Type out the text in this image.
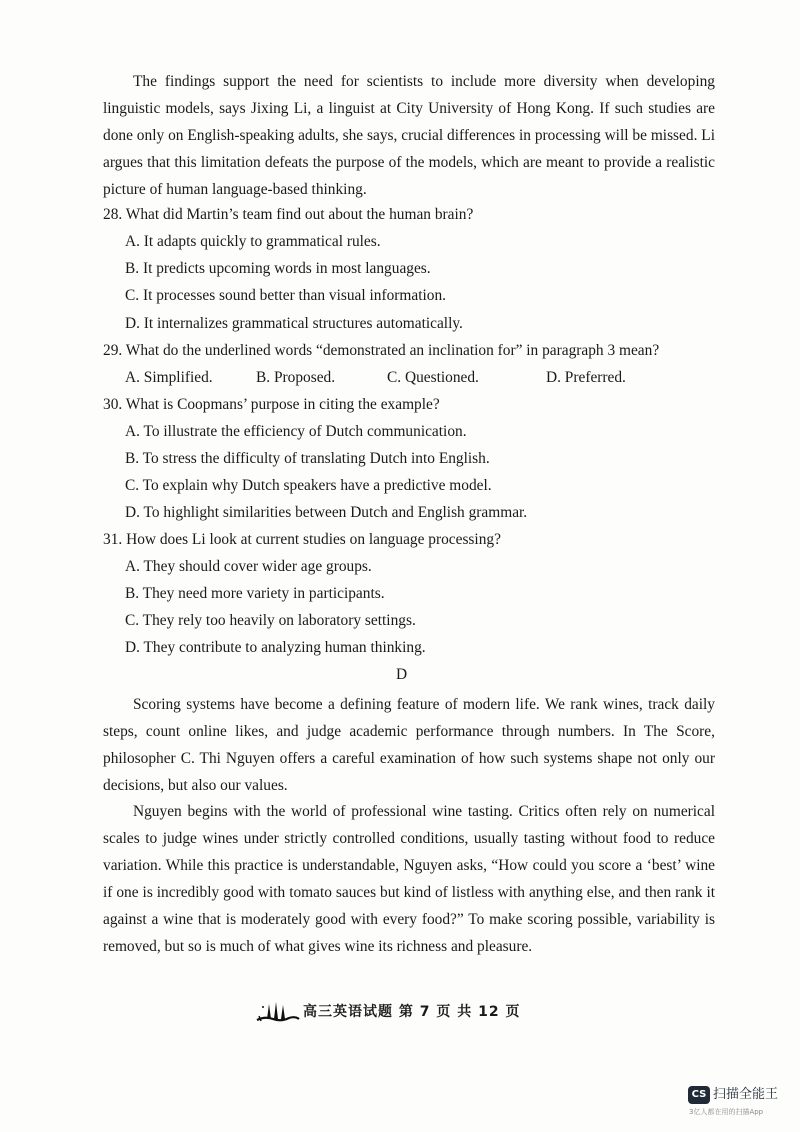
The findings support the need for scientists to include more diversity when developing linguistic models, says Jixing Li, a linguist at City University of Hong Kong. If such studies are done only on English-speaking adults, she says, crucial differences in processing will be missed. Li argues that this limitation defeats the purpose of the models, which are meant to provide a realistic picture of human language-based thinking.

28. What did Martin’s team find out about the human brain?

A. It adapts quickly to grammatical rules.

B. It predicts upcoming words in most languages.

C. It processes sound better than visual information.

D. It internalizes grammatical structures automatically.

29. What do the underlined words “demonstrated an inclination for” in paragraph 3 mean?

A. Simplified.	B. Proposed.	C. Questioned.	D. Preferred.

30. What is Coopmans’ purpose in citing the example?

A. To illustrate the efficiency of Dutch communication.

B. To stress the difficulty of translating Dutch into English.

C. To explain why Dutch speakers have a predictive model.

D. To highlight similarities between Dutch and English grammar.

31. How does Li look at current studies on language processing?

A. They should cover wider age groups.

B. They need more variety in participants.

C. They rely too heavily on laboratory settings.

D. They contribute to analyzing human thinking.

D

Scoring systems have become a defining feature of modern life. We rank wines, track daily steps, count online likes, and judge academic performance through numbers. In The Score, philosopher C. Thi Nguyen offers a careful examination of how such systems shape not only our decisions, but also our values.

Nguyen begins with the world of professional wine tasting. Critics often rely on numerical scales to judge wines under strictly controlled conditions, usually tasting without food to reduce variation. While this practice is understandable, Nguyen asks, “How could you score a ‘best’ wine if one is incredibly good with tomato sauces but kind of listless with anything else, and then rank it against a wine that is moderately good with every food?” To make scoring possible, variability is removed, but so is much of what gives wine its richness and pleasure.

高三英语试题 第 7 页 共 12 页
CS 扫描全能王
3亿人都在用的扫描App
